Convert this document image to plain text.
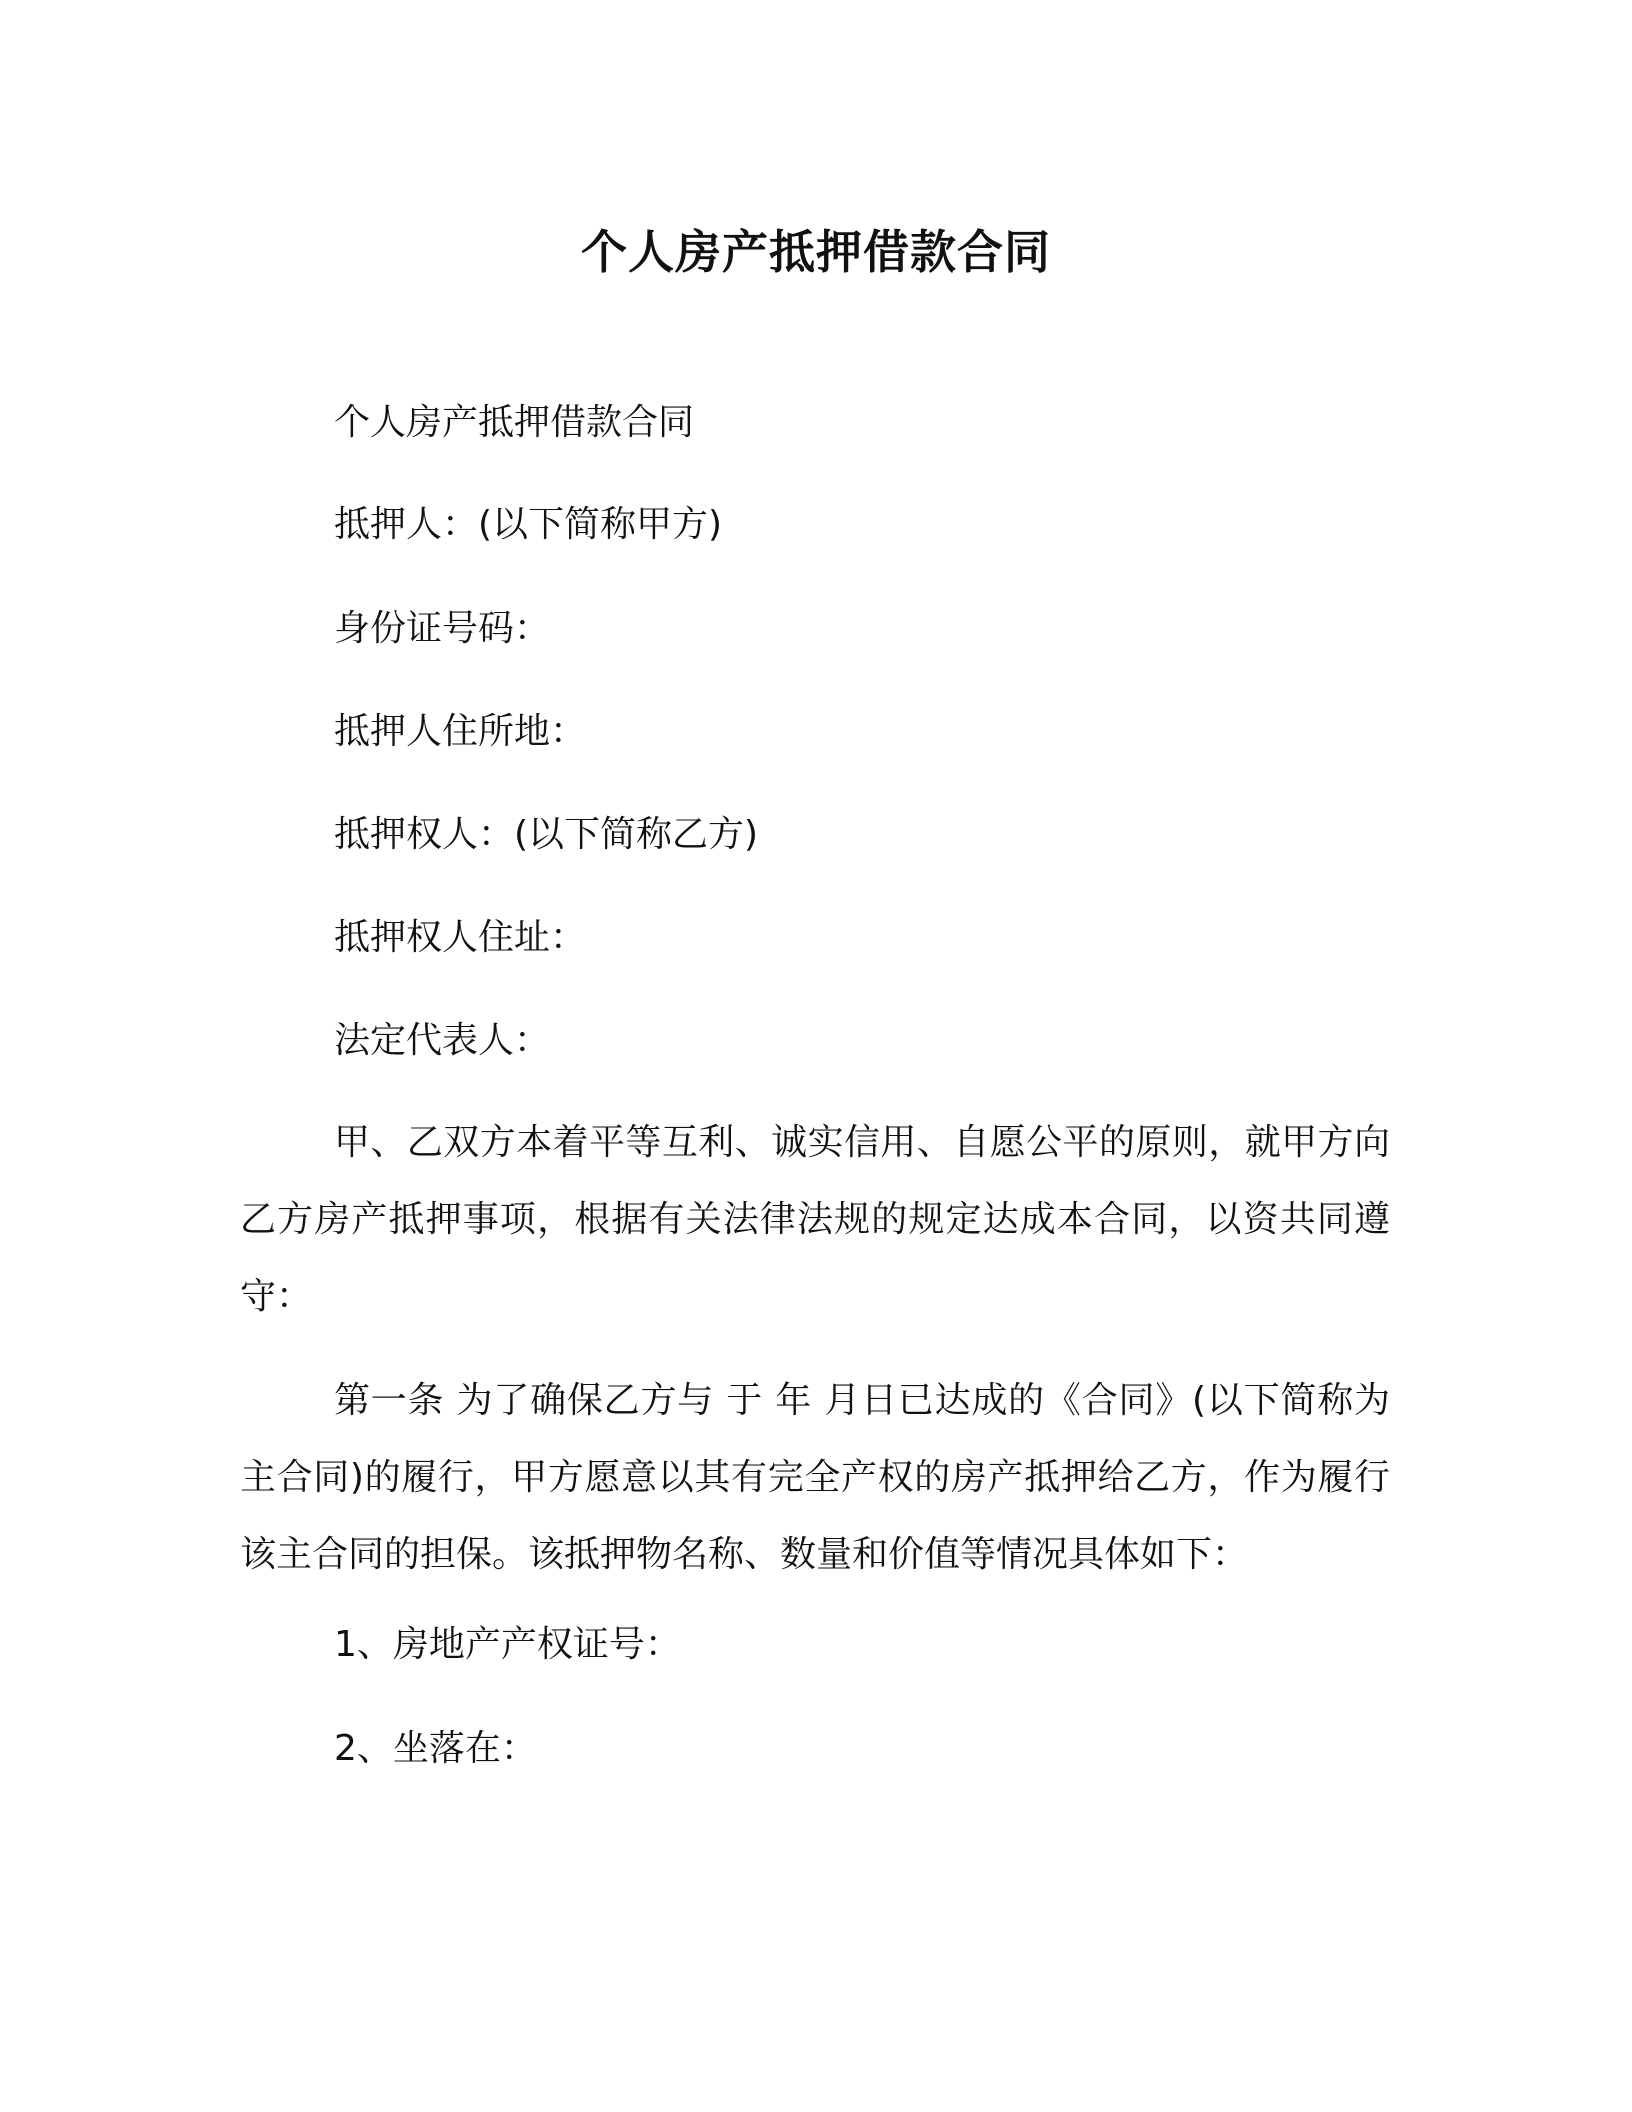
个人房产抵押借款合同

个人房产抵押借款合同

抵押人：(以下简称甲方)

身份证号码：

抵押人住所地：

抵押权人：(以下简称乙方)

抵押权人住址：

法定代表人：

甲、乙双方本着平等互利、诚实信用、自愿公平的原则，就甲方向乙方房产抵押事项，根据有关法律法规的规定达成本合同，以资共同遵守：

第一条 为了确保乙方与 于 年 月日已达成的《合同》(以下简称为主合同)的履行，甲方愿意以其有完全产权的房产抵押给乙方，作为履行该主合同的担保。该抵押物名称、数量和价值等情况具体如下：

1、房地产产权证号：

2、坐落在：
